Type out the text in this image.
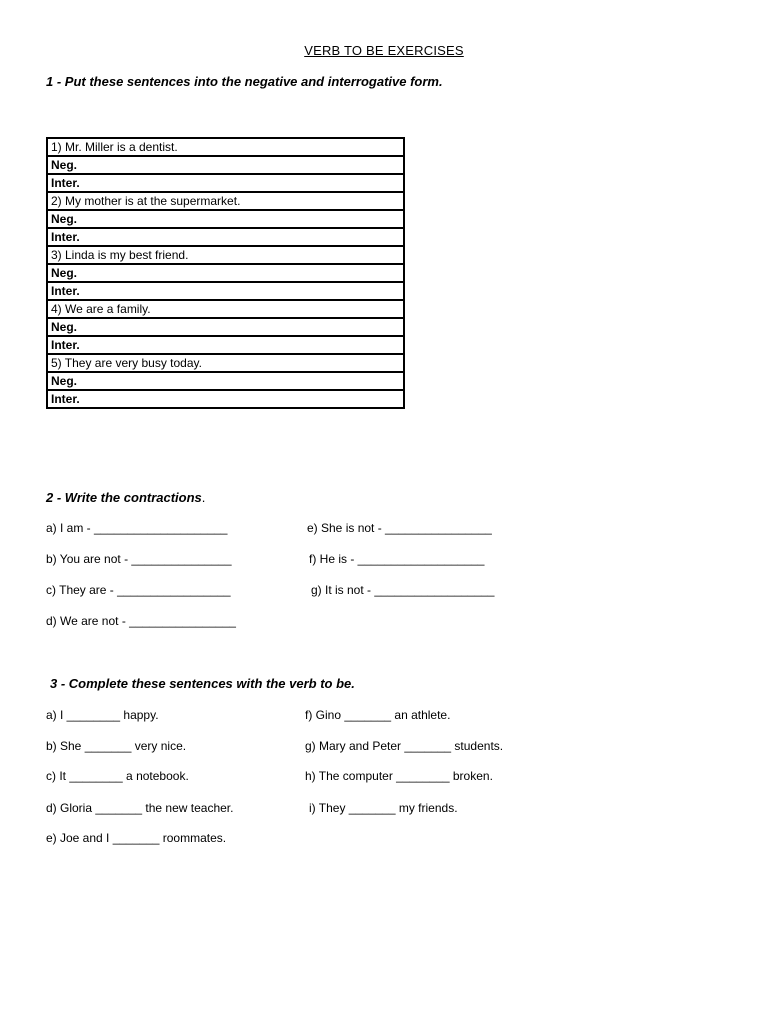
VERB TO BE EXERCISES
1 - Put these sentences into the negative and interrogative form.
1) Mr. Miller is a dentist.
Neg.
Inter.
2) My mother is at the supermarket.
Neg.
Inter.
3) Linda is my best friend.
Neg.
Inter.
4) We are a family.
Neg.
Inter.
5) They are very busy today.
Neg.
Inter.
2 - Write the contractions.
a) I am - ____________________
b) You are not - _______________
c) They are - _________________
d) We are not - ________________
e) She is not - ________________
f) He is - ___________________
g) It is not - __________________
3 - Complete these sentences with the verb to be.
a) I ________ happy.
b) She _______ very nice.
c) It ________ a notebook.
d) Gloria _______ the new teacher.
e) Joe and I _______ roommates.
f) Gino _______ an athlete.
g) Mary and Peter _______ students.
h) The computer ________ broken.
i) They _______ my friends.
